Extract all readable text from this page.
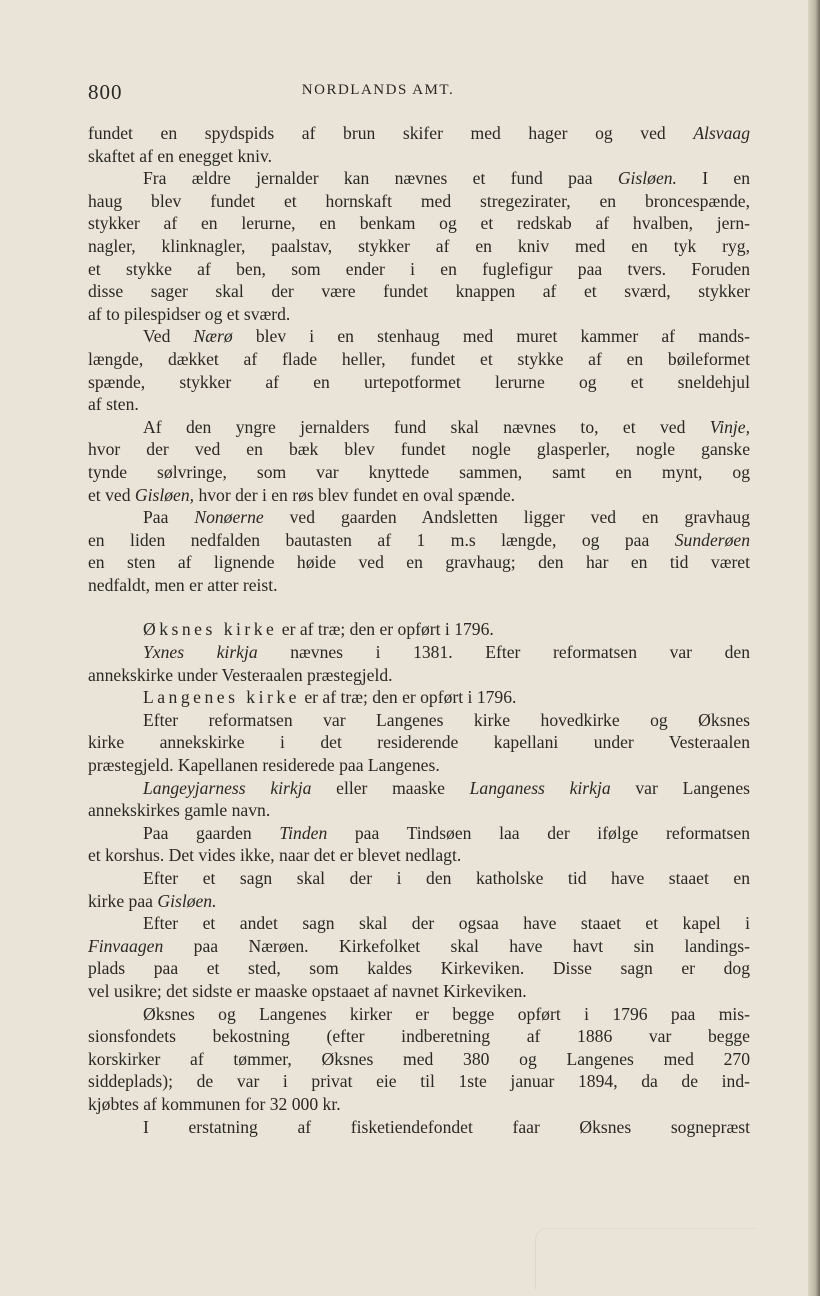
800	NORDLANDS AMT.
fundet en spydspids af brun skifer med hager og ved Alsvaag
skaftet af en enegget kniv.
Fra ældre jernalder kan nævnes et fund paa Gisløen. I en
haug blev fundet et hornskaft med stregezirater, en broncespænde,
stykker af en lerurne, en benkam og et redskab af hvalben, jern-
nagler, klinknagler, paalstav, stykker af en kniv med en tyk ryg,
et stykke af ben, som ender i en fuglefigur paa tvers. Foruden
disse sager skal der være fundet knappen af et sværd, stykker
af to pilespidser og et sværd.
Ved Nærø blev i en stenhaug med muret kammer af mands-
længde, dækket af flade heller, fundet et stykke af en bøileformet
spænde, stykker af en urtepotformet lerurne og et sneldehjul
af sten.
Af den yngre jernalders fund skal nævnes to, et ved Vinje,
hvor der ved en bæk blev fundet nogle glasperler, nogle ganske
tynde sølvringe, som var knyttede sammen, samt en mynt, og
et ved Gisløen, hvor der i en røs blev fundet en oval spænde.
Paa Nonøerne ved gaarden Andsletten ligger ved en gravhaug
en liden nedfalden bautasten af 1 m.s længde, og paa Sunderøen
en sten af lignende høide ved en gravhaug; den har en tid været
nedfaldt, men er atter reist.
Øksnes kirke er af træ; den er opført i 1796.
Yxnes kirkja nævnes i 1381. Efter reformatsen var den
annekskirke under Vesteraalen præstegjeld.
Langenes kirke er af træ; den er opført i 1796.
Efter reformatsen var Langenes kirke hovedkirke og Øksnes
kirke annekskirke i det residerende kapellani under Vesteraalen
præstegjeld. Kapellanen residerede paa Langenes.
Langeyjarness kirkja eller maaske Langaness kirkja var Langenes
annekskirkes gamle navn.
Paa gaarden Tinden paa Tindsøen laa der ifølge reformatsen
et korshus. Det vides ikke, naar det er blevet nedlagt.
Efter et sagn skal der i den katholske tid have staaet en
kirke paa Gisløen.
Efter et andet sagn skal der ogsaa have staaet et kapel i
Finvaagen paa Nærøen. Kirkefolket skal have havt sin landings-
plads paa et sted, som kaldes Kirkeviken. Disse sagn er dog
vel usikre; det sidste er maaske opstaaet af navnet Kirkeviken.
Øksnes og Langenes kirker er begge opført i 1796 paa mis-
sionsfondets bekostning (efter indberetning af 1886 var begge
korskirker af tømmer, Øksnes med 380 og Langenes med 270
siddeplads); de var i privat eie til 1ste januar 1894, da de ind-
kjøbtes af kommunen for 32 000 kr.
I erstatning af fisketiendefondet faar Øksnes sognepræst
